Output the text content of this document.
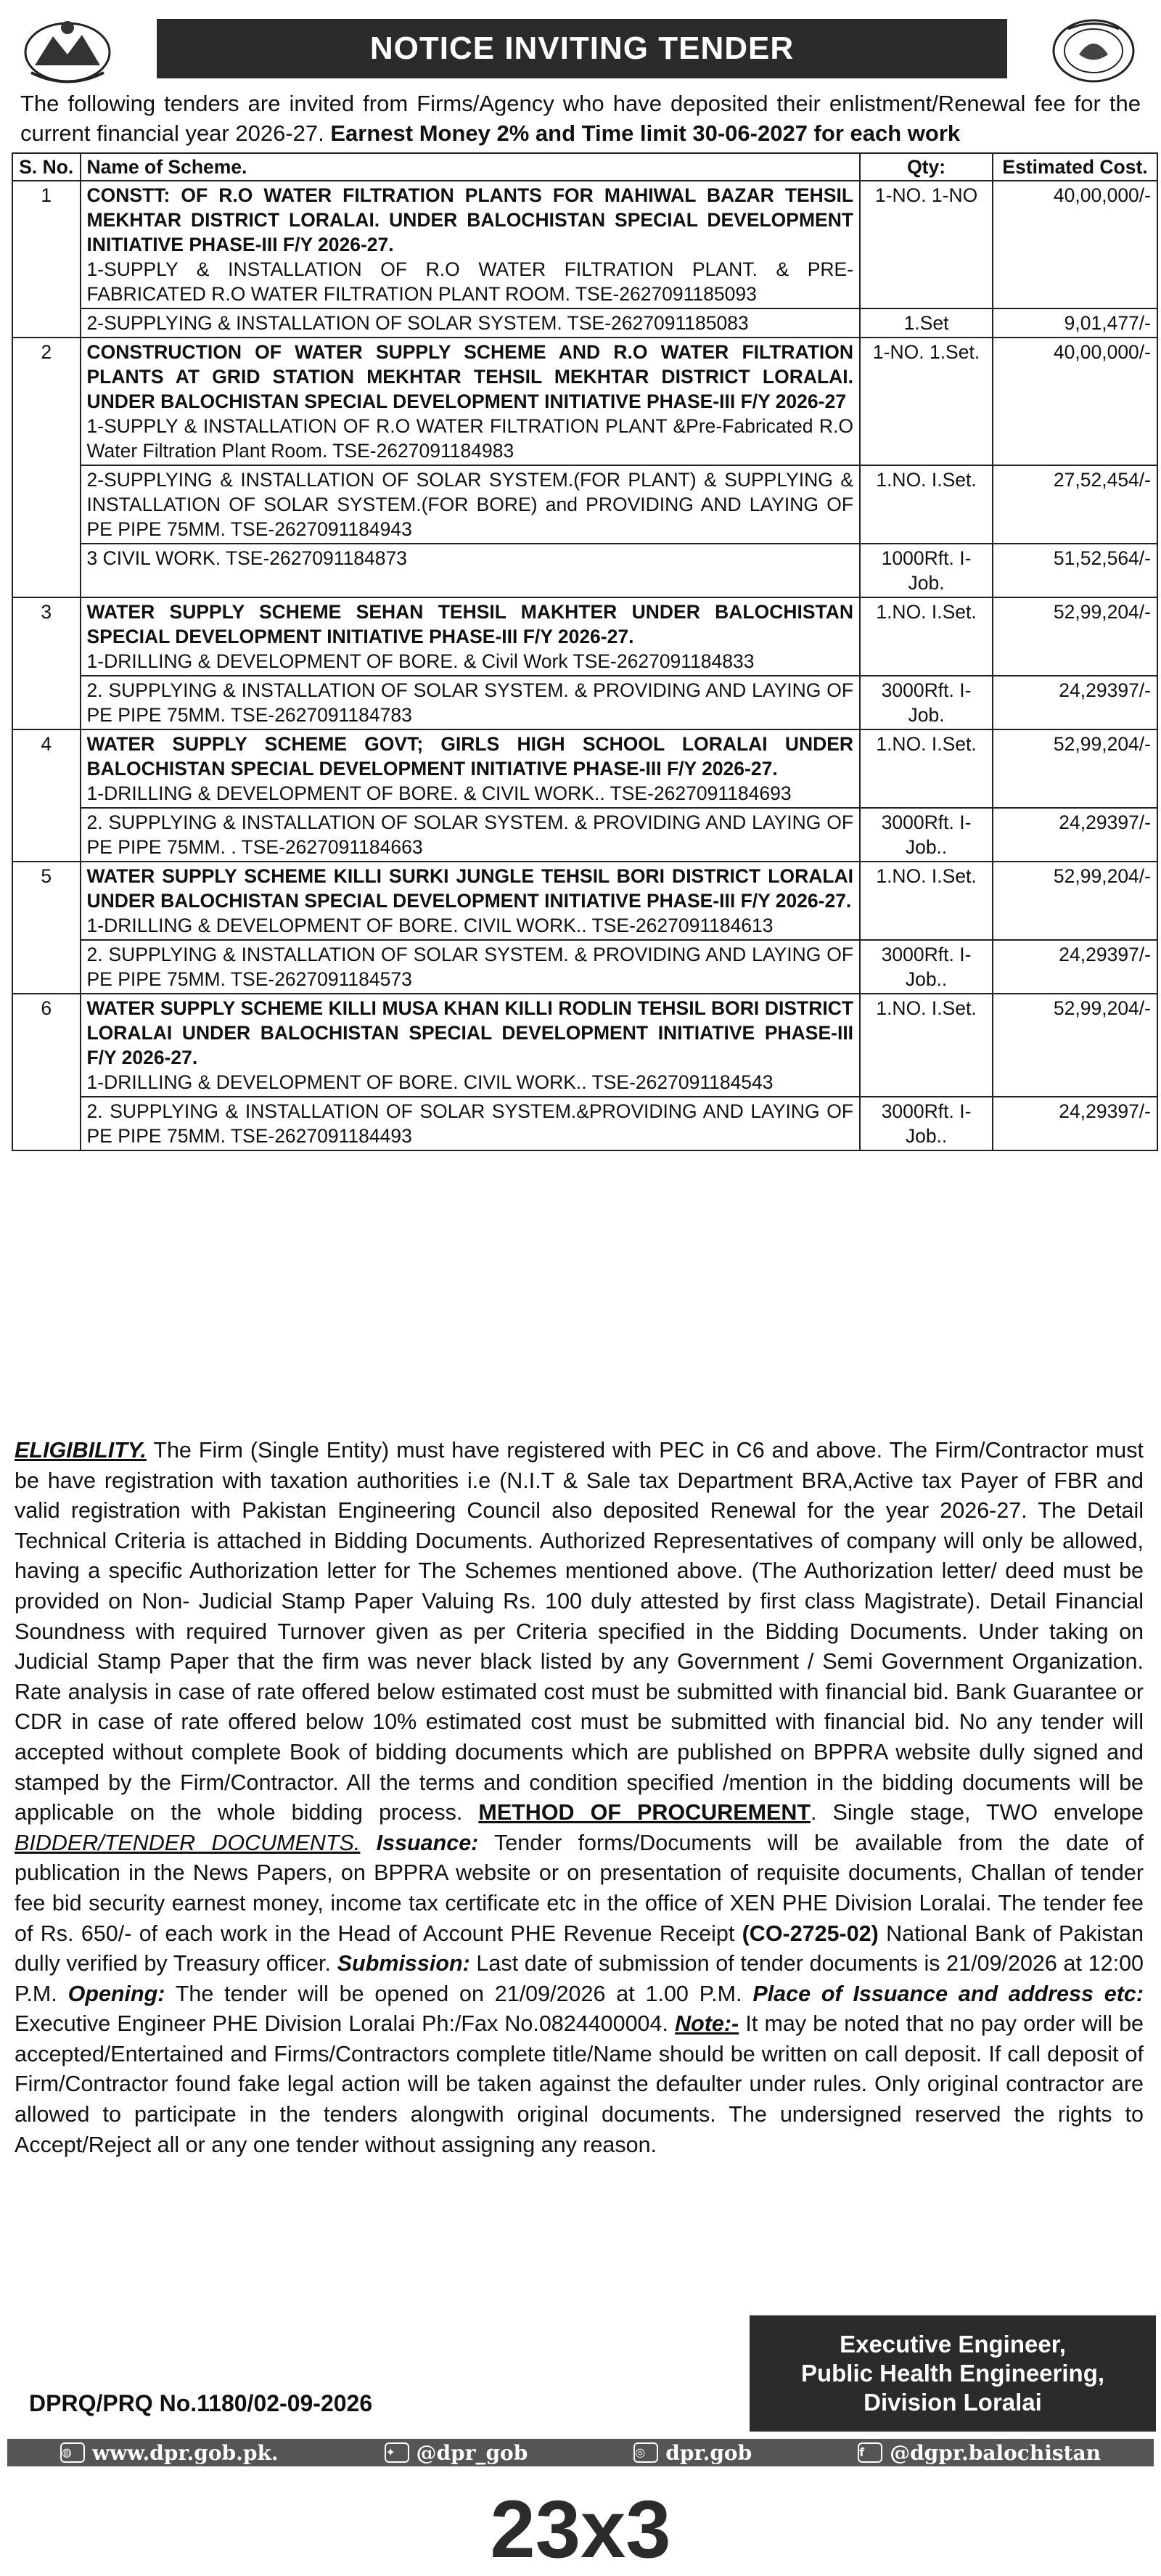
NOTICE INVITING TENDER
The following tenders are invited from Firms/Agency who have deposited their enlistment/Renewal fee for the current financial year 2026-27. Earnest Money 2% and Time limit 30-06-2027 for each work
S. No.	Name of Scheme.	Qty:	Estimated Cost.
1	CONSTT: OF R.O WATER FILTRATION PLANTS FOR MAHIWAL BAZAR TEHSIL MEKHTAR DISTRICT LORALAI. UNDER BALOCHISTAN SPECIAL DEVELOPMENT INITIATIVE PHASE-III F/Y 2026-27.
1-SUPPLY & INSTALLATION OF R.O WATER FILTRATION PLANT. & PRE-FABRICATED R.O WATER FILTRATION PLANT ROOM. TSE-2627091185093	1-NO. 1-NO	40,00,000/-

	2-SUPPLYING & INSTALLATION OF SOLAR SYSTEM. TSE-2627091185083	1.Set	9,01,477/-
2	CONSTRUCTION OF WATER SUPPLY SCHEME AND R.O WATER FILTRATION PLANTS AT GRID STATION MEKHTAR TEHSIL MEKHTAR DISTRICT LORALAI. UNDER BALOCHISTAN SPECIAL DEVELOPMENT INITIATIVE PHASE-III F/Y 2026-27
1-SUPPLY & INSTALLATION OF R.O WATER FILTRATION PLANT &Pre-Fabricated R.O Water Filtration Plant Room. TSE-2627091184983	1-NO. 1.Set.	40,00,000/-

	2-SUPPLYING & INSTALLATION OF SOLAR SYSTEM.(FOR PLANT) & SUPPLYING & INSTALLATION OF SOLAR SYSTEM.(FOR BORE) and PROVIDING AND LAYING OF PE PIPE 75MM. TSE-2627091184943	1.NO. I.Set.	27,52,454/-

	3 CIVIL WORK. TSE-2627091184873	1000Rft. I-Job.	51,52,564/-
3	WATER SUPPLY SCHEME SEHAN TEHSIL MAKHTER UNDER BALOCHISTAN SPECIAL DEVELOPMENT INITIATIVE PHASE-III F/Y 2026-27.
1-DRILLING & DEVELOPMENT OF BORE. & Civil Work TSE-2627091184833	1.NO. I.Set.	52,99,204/-

	2. SUPPLYING & INSTALLATION OF SOLAR SYSTEM. & PROVIDING AND LAYING OF PE PIPE 75MM. TSE-2627091184783	3000Rft. I-Job.	24,29397/-
4	WATER SUPPLY SCHEME GOVT; GIRLS HIGH SCHOOL LORALAI UNDER BALOCHISTAN SPECIAL DEVELOPMENT INITIATIVE PHASE-III F/Y 2026-27.
1-DRILLING & DEVELOPMENT OF BORE. & CIVIL WORK.. TSE-2627091184693	1.NO. I.Set.	52,99,204/-

	2. SUPPLYING & INSTALLATION OF SOLAR SYSTEM. & PROVIDING AND LAYING OF PE PIPE 75MM. . TSE-2627091184663	3000Rft. I-Job..	24,29397/-
5	WATER SUPPLY SCHEME KILLI SURKI JUNGLE TEHSIL BORI DISTRICT LORALAI UNDER BALOCHISTAN SPECIAL DEVELOPMENT INITIATIVE PHASE-III F/Y 2026-27.
1-DRILLING & DEVELOPMENT OF BORE. CIVIL WORK.. TSE-2627091184613	1.NO. I.Set.	52,99,204/-

	2. SUPPLYING & INSTALLATION OF SOLAR SYSTEM. & PROVIDING AND LAYING OF PE PIPE 75MM. TSE-2627091184573	3000Rft. I-Job..	24,29397/-
6	WATER SUPPLY SCHEME KILLI MUSA KHAN KILLI RODLIN TEHSIL BORI DISTRICT LORALAI UNDER BALOCHISTAN SPECIAL DEVELOPMENT INITIATIVE PHASE-III F/Y 2026-27.
1-DRILLING & DEVELOPMENT OF BORE. CIVIL WORK.. TSE-2627091184543	1.NO. I.Set.	52,99,204/-

	2. SUPPLYING & INSTALLATION OF SOLAR SYSTEM.&PROVIDING AND LAYING OF PE PIPE 75MM. TSE-2627091184493	3000Rft. I-Job..	24,29397/-
ELIGIBILITY. The Firm (Single Entity) must have registered with PEC in C6 and above. The Firm/Contractor must be have registration with taxation authorities i.e (N.I.T & Sale tax Department BRA,Active tax Payer of FBR and valid registration with Pakistan Engineering Council also deposited Renewal for the year 2026-27. The Detail Technical Criteria is attached in Bidding Documents. Authorized Representatives of company will only be allowed, having a specific Authorization letter for The Schemes mentioned above. (The Authorization letter/ deed must be provided on Non- Judicial Stamp Paper Valuing Rs. 100 duly attested by first class Magistrate). Detail Financial Soundness with required Turnover given as per Criteria specified in the Bidding Documents. Under taking on Judicial Stamp Paper that the firm was never black listed by any Government / Semi Government Organization. Rate analysis in case of rate offered below estimated cost must be submitted with financial bid. Bank Guarantee or CDR in case of rate offered below 10% estimated cost must be submitted with financial bid. No any tender will accepted without complete Book of bidding documents which are published on BPPRA website dully signed and stamped by the Firm/Contractor. All the terms and condition specified /mention in the bidding documents will be applicable on the whole bidding process. METHOD OF PROCUREMENT. Single stage, TWO envelope BIDDER/TENDER DOCUMENTS. Issuance: Tender forms/Documents will be available from the date of publication in the News Papers, on BPPRA website or on presentation of requisite documents, Challan of tender fee bid security earnest money, income tax certificate etc in the office of XEN PHE Division Loralai. The tender fee of Rs. 650/- of each work in the Head of Account PHE Revenue Receipt (CO-2725-02) National Bank of Pakistan dully verified by Treasury officer. Submission: Last date of submission of tender documents is 21/09/2026 at 12:00 P.M. Opening: The tender will be opened on 21/09/2026 at 1.00 P.M. Place of Issuance and address etc: Executive Engineer PHE Division Loralai Ph:/Fax No.0824400004. Note:- It may be noted that no pay order will be accepted/Entertained and Firms/Contractors complete title/Name should be written on call deposit. If call deposit of Firm/Contractor found fake legal action will be taken against the defaulter under rules. Only original contractor are allowed to participate in the tenders alongwith original documents. The undersigned reserved the rights to Accept/Reject all or any one tender without assigning any reason.
DPRQ/PRQ No.1180/02-09-2026
Executive Engineer,
Public Health Engineering,
Division Loralai
◍	www.dpr.gob.pk.	✦	@dpr_gob	◎	dpr.gob	f	@dgpr.balochistan
23x3
